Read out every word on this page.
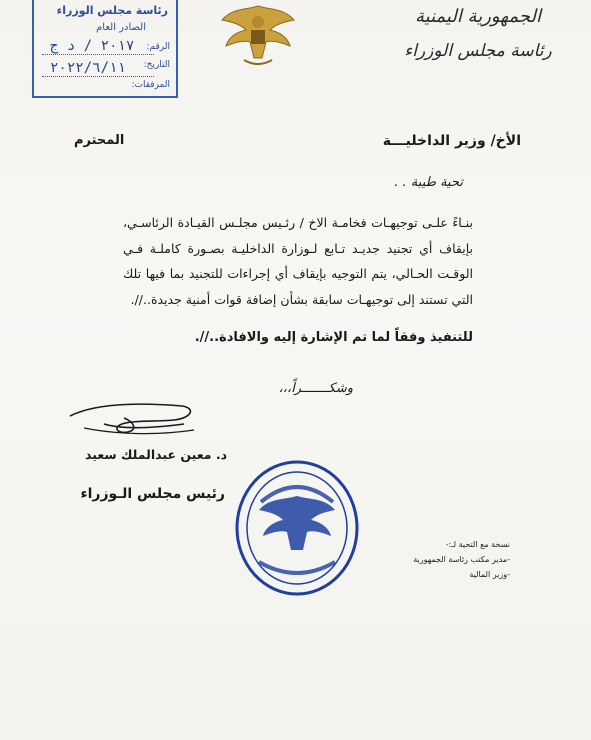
رئاسة مجلس الوزراء
الصادر العام
الرقم:
٢٠١٧ / د ج
التاريخ:
٢٠٢٢/٦/١١
المرفقات:
الجمهورية اليمنية
رئاسة مجلس الوزراء
الأخ/ وزير الداخليـــة
المحترم
تحية طيبة . .
بنـاءً علـى توجيهـات فخامـة الاخ / رئـيس مجلـس القيـادة الرئاسـي، بإيقاف أي تجنيد جديـد تـابع لـوزارة الداخليـة بصـورة كاملـة فـي الوقـت الحـالي، يتم التوجيه بإيقاف أي إجراءات للتجنيد بما فيها تلك التي تستند إلى توجيهـات سابقة بشأن إضافة قوات أمنية جديدة..//.
للتنفيذ وفقاً لما تم الإشارة إليه والافادة..//.
وشكـــــــراً،،،
د. معين عبدالملك سعيد
رئيس مجلس الـوزراء
نسخة مع التحية لـ:-
-مدير مكتب رئاسة الجمهورية
-وزير المالية
